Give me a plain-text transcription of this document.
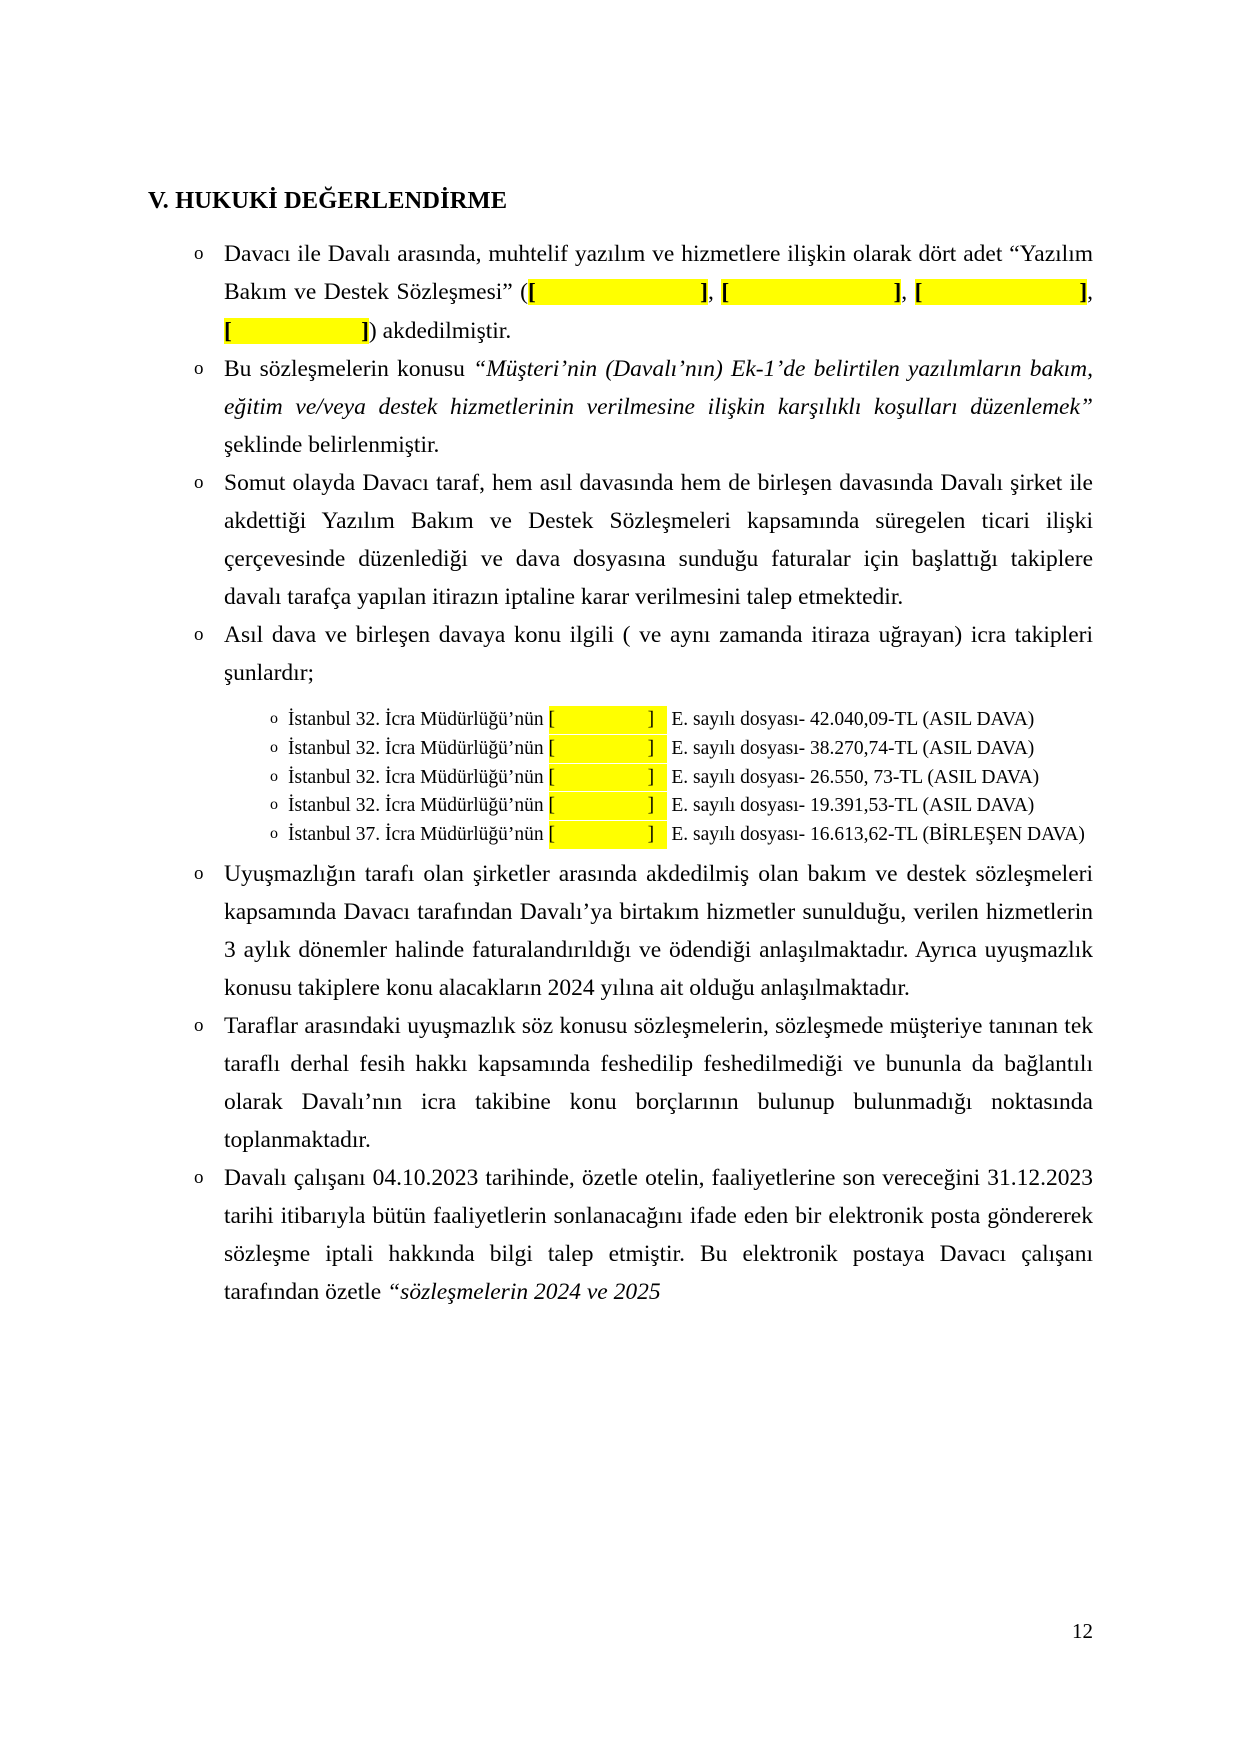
V. HUKUKİ DEĞERLENDİRME
o Davacı ile Davalı arasında, muhtelif yazılım ve hizmetlere ilişkin olarak dört adet “Yazılım Bakım ve Destek Sözleşmesi” ([                      ], [                      ], [                     ], [                      ]) akdedilmiştir.
o Bu sözleşmelerin konusu “Müşteri’nin (Davalı’nın) Ek-1’de belirtilen yazılımların bakım, eğitim ve/veya destek hizmetlerinin verilmesine ilişkin karşılıklı koşulları düzenlemek” şeklinde belirlenmiştir.
o Somut olayda Davacı taraf, hem asıl davasında hem de birleşen davasında Davalı şirket ile akdettiği Yazılım Bakım ve Destek Sözleşmeleri kapsamında süregelen ticari ilişki çerçevesinde düzenlediği ve dava dosyasına sunduğu faturalar için başlattığı takiplere davalı tarafça yapılan itirazın iptaline karar verilmesini talep etmektedir.
o Asıl dava ve birleşen davaya konu ilgili ( ve aynı zamanda itiraza uğrayan) icra takipleri şunlardır;
o İstanbul 32. İcra Müdürlüğü’nün [                   ] E. sayılı dosyası- 42.040,09-TL (ASIL DAVA)
o İstanbul 32. İcra Müdürlüğü’nün [                   ] E. sayılı dosyası- 38.270,74-TL (ASIL DAVA)
o İstanbul 32. İcra Müdürlüğü’nün [                   ] E. sayılı dosyası- 26.550, 73-TL (ASIL DAVA)
o İstanbul 32. İcra Müdürlüğü’nün [                   ] E. sayılı dosyası- 19.391,53-TL (ASIL DAVA)
o İstanbul 37. İcra Müdürlüğü’nün [                   ] E. sayılı dosyası- 16.613,62-TL (BİRLEŞEN DAVA)
o Uyuşmazlığın tarafı olan şirketler arasında akdedilmiş olan bakım ve destek sözleşmeleri kapsamında Davacı tarafından Davalı’ya birtakım hizmetler sunulduğu, verilen hizmetlerin 3 aylık dönemler halinde faturalandırıldığı ve ödendiği anlaşılmaktadır. Ayrıca uyuşmazlık konusu takiplere konu alacakların 2024 yılına ait olduğu anlaşılmaktadır.
o Taraflar arasındaki uyuşmazlık söz konusu sözleşmelerin, sözleşmede müşteriye tanınan tek taraflı derhal fesih hakkı kapsamında feshedilip feshedilmediği ve bununla da bağlantılı olarak Davalı’nın icra takibine konu borçlarının bulunup bulunmadığı noktasında toplanmaktadır.
o Davalı çalışanı 04.10.2023 tarihinde, özetle otelin, faaliyetlerine son vereceğini 31.12.2023 tarihi itibarıyla bütün faaliyetlerin sonlanacağını ifade eden bir elektronik posta göndererek sözleşme iptali hakkında bilgi talep etmiştir. Bu elektronik postaya Davacı çalışanı tarafından özetle “sözleşmelerin 2024 ve 2025
12
